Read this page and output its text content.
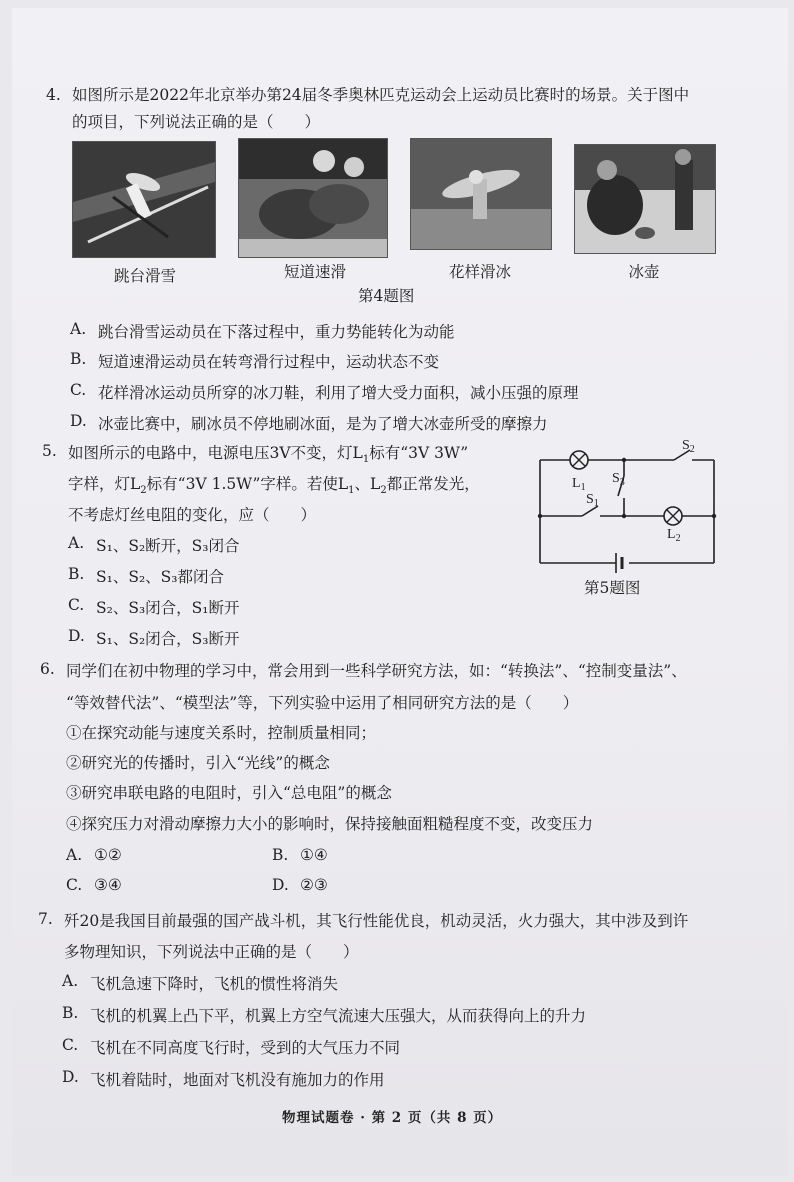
4. 如图所示是2022年北京举办第24届冬季奥林匹克运动会上运动员比赛时的场景。关于图中
的项目，下列说法正确的是（　　）
跳台滑雪	短道速滑	花样滑冰	冰壶
第4题图
A. 跳台滑雪运动员在下落过程中，重力势能转化为动能
B. 短道速滑运动员在转弯滑行过程中，运动状态不变
C. 花样滑冰运动员所穿的冰刀鞋，利用了增大受力面积，减小压强的原理
D. 冰壶比赛中，刷冰员不停地刷冰面，是为了增大冰壶所受的摩擦力
5. 如图所示的电路中，电源电压3V不变，灯$L_1$标有“3V 3W”
字样，灯$L_2$标有“3V 1.5W”字样。若使$L_1$、$L_2$都正常发光，
不考虑灯丝电阻的变化，应（　　）
A. S₁、S₂断开，S₃闭合
B. S₁、S₂、S₃都闭合
C. S₂、S₃闭合，S₁断开
D. S₁、S₂闭合，S₃断开
$L_1$
$L_2$
$S_2$
$S_3$
$S_1$
第5题图
6. 同学们在初中物理的学习中，常会用到一些科学研究方法，如：“转换法”、“控制变量法”、
“等效替代法”、“模型法”等，下列实验中运用了相同研究方法的是（　　）
①在探究动能与速度关系时，控制质量相同；
②研究光的传播时，引入“光线”的概念
③研究串联电路的电阻时，引入“总电阻”的概念
④探究压力对滑动摩擦力大小的影响时，保持接触面粗糙程度不变，改变压力
A. ①②	B. ①④
C. ③④	D. ②③
7. 歼20是我国目前最强的国产战斗机，其飞行性能优良，机动灵活，火力强大，其中涉及到许
多物理知识，下列说法中正确的是（　　）
A. 飞机急速下降时，飞机的惯性将消失
B. 飞机的机翼上凸下平，机翼上方空气流速大压强大，从而获得向上的升力
C. 飞机在不同高度飞行时，受到的大气压力不同
D. 飞机着陆时，地面对飞机没有施加力的作用
物理试题卷 · 第 2 页（共 8 页）
